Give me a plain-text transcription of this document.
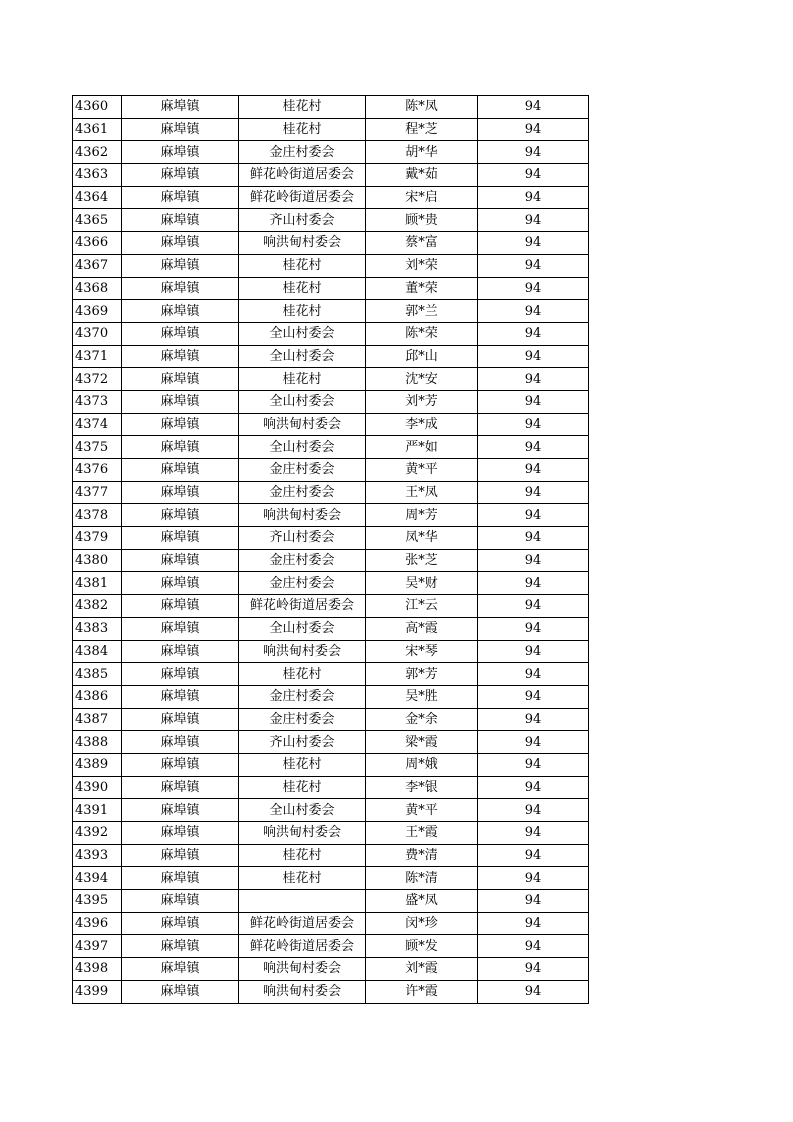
4360	麻埠镇	桂花村	陈*凤	94
4361	麻埠镇	桂花村	程*芝	94
4362	麻埠镇	金庄村委会	胡*华	94
4363	麻埠镇	鲜花岭街道居委会	戴*茹	94
4364	麻埠镇	鲜花岭街道居委会	宋*启	94
4365	麻埠镇	齐山村委会	顾*贵	94
4366	麻埠镇	响洪甸村委会	蔡*富	94
4367	麻埠镇	桂花村	刘*荣	94
4368	麻埠镇	桂花村	董*荣	94
4369	麻埠镇	桂花村	郭*兰	94
4370	麻埠镇	全山村委会	陈*荣	94
4371	麻埠镇	全山村委会	邱*山	94
4372	麻埠镇	桂花村	沈*安	94
4373	麻埠镇	全山村委会	刘*芳	94
4374	麻埠镇	响洪甸村委会	李*成	94
4375	麻埠镇	全山村委会	严*如	94
4376	麻埠镇	金庄村委会	黄*平	94
4377	麻埠镇	金庄村委会	王*凤	94
4378	麻埠镇	响洪甸村委会	周*芳	94
4379	麻埠镇	齐山村委会	凤*华	94
4380	麻埠镇	金庄村委会	张*芝	94
4381	麻埠镇	金庄村委会	吴*财	94
4382	麻埠镇	鲜花岭街道居委会	江*云	94
4383	麻埠镇	全山村委会	高*霞	94
4384	麻埠镇	响洪甸村委会	宋*琴	94
4385	麻埠镇	桂花村	郭*芳	94
4386	麻埠镇	金庄村委会	吴*胜	94
4387	麻埠镇	金庄村委会	金*余	94
4388	麻埠镇	齐山村委会	梁*霞	94
4389	麻埠镇	桂花村	周*娥	94
4390	麻埠镇	桂花村	李*银	94
4391	麻埠镇	全山村委会	黄*平	94
4392	麻埠镇	响洪甸村委会	王*霞	94
4393	麻埠镇	桂花村	费*清	94
4394	麻埠镇	桂花村	陈*清	94
4395	麻埠镇		盛*凤	94
4396	麻埠镇	鲜花岭街道居委会	闵*珍	94
4397	麻埠镇	鲜花岭街道居委会	顾*发	94
4398	麻埠镇	响洪甸村委会	刘*霞	94
4399	麻埠镇	响洪甸村委会	许*霞	94
